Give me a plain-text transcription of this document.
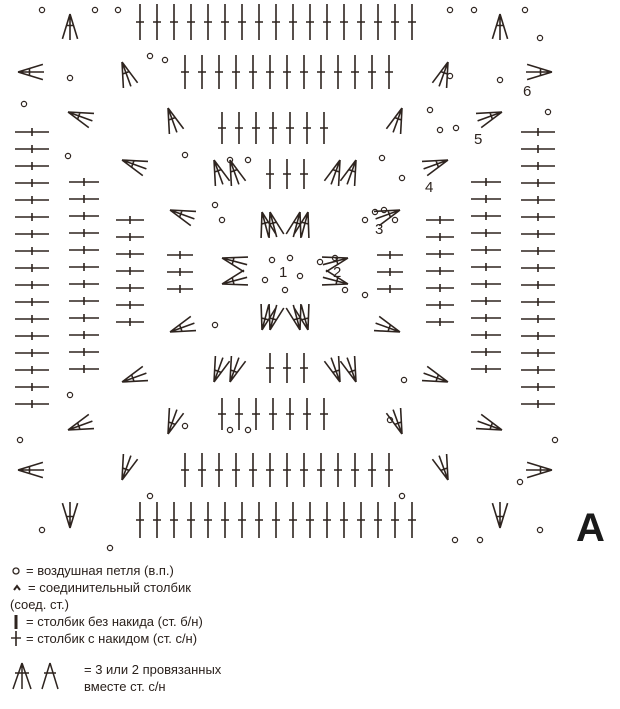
1	2
3
4
5
6
A
= воздушная петля (в.п.)
= соединительный столбик
(соед. ст.)
= столбик без накида (ст. б/н)
= столбик с накидом (ст. с/н)
= 3 или 2 провязанных
вместе ст. с/н
